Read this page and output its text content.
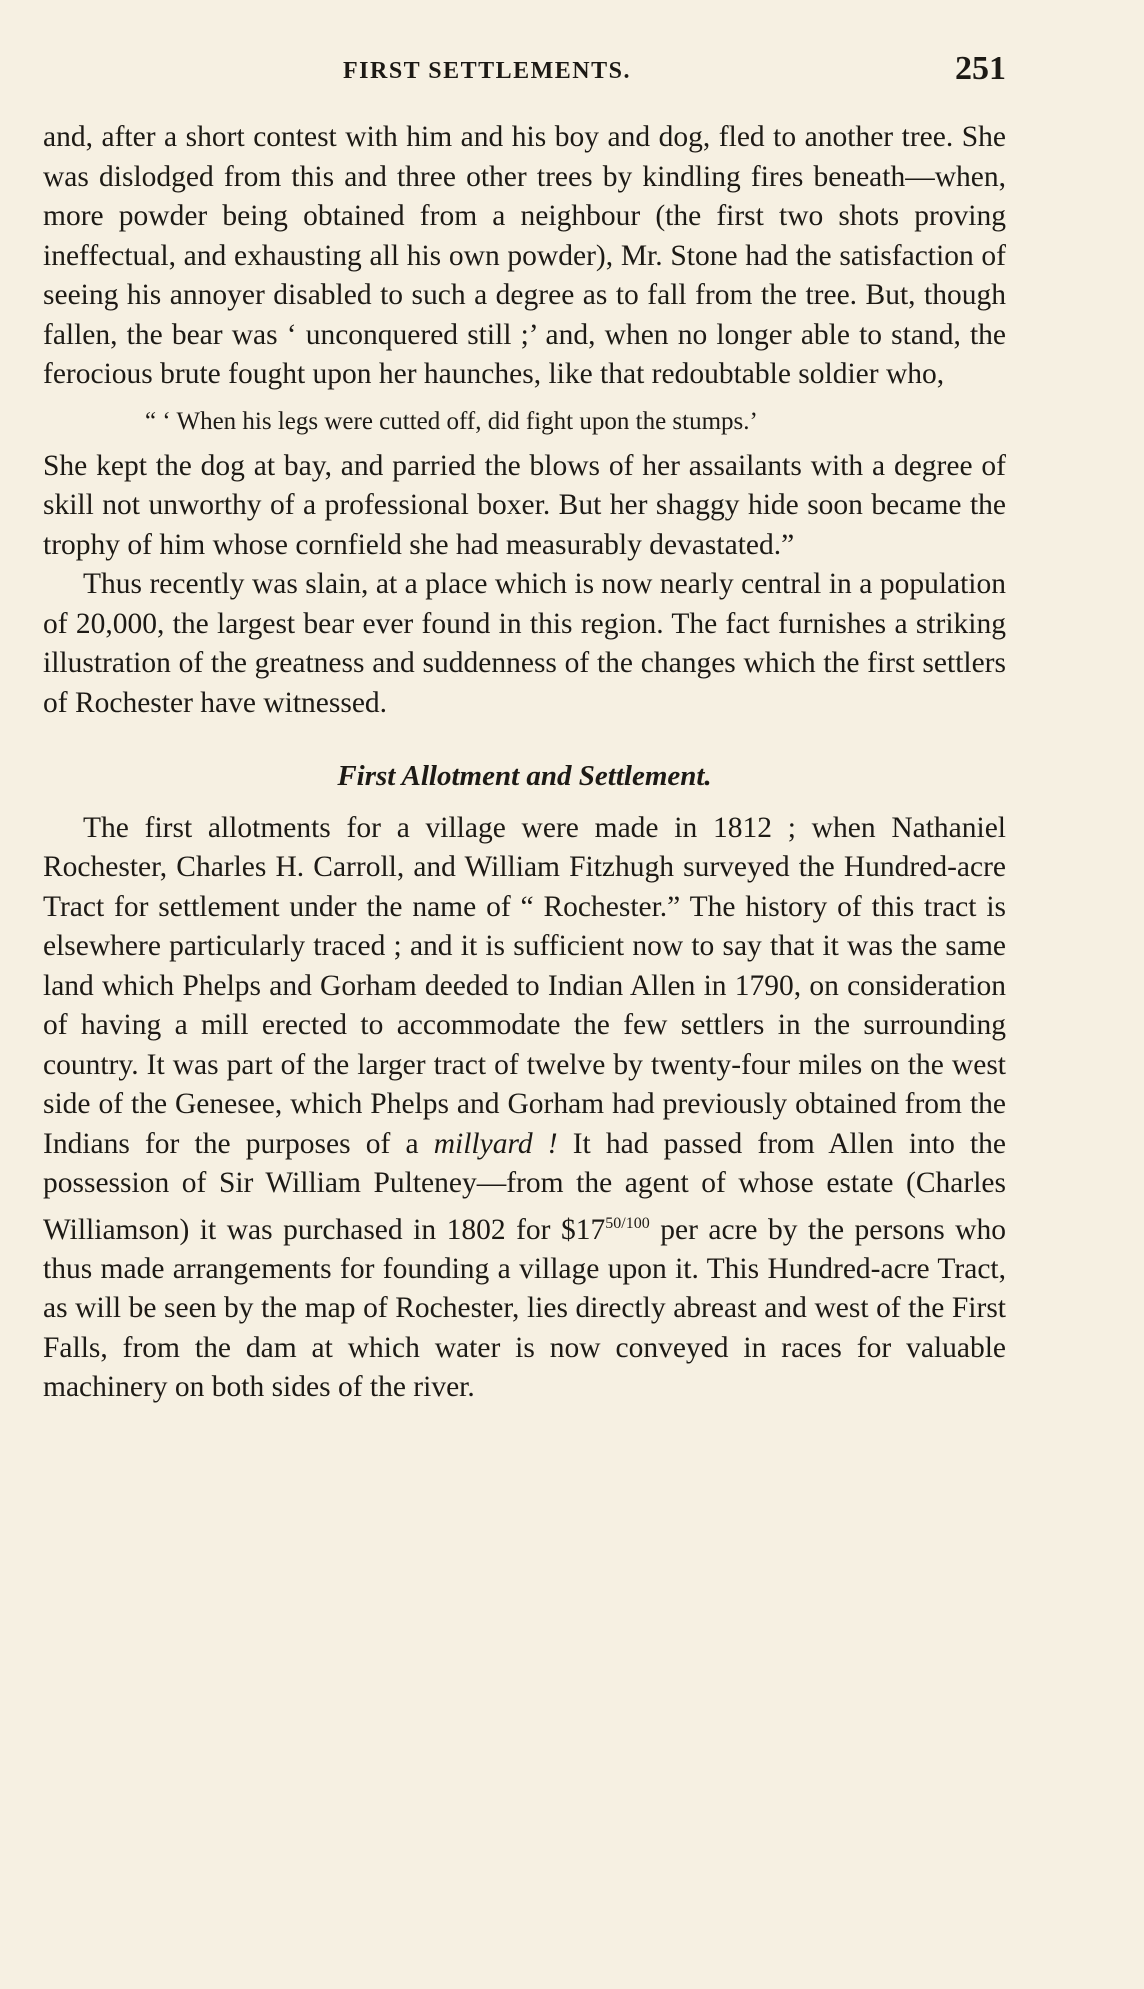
FIRST SETTLEMENTS.	251

and, after a short contest with him and his boy and dog, fled to another tree. She was dislodged from this and three other trees by kindling fires beneath—when, more powder being obtained from a neighbour (the first two shots proving ineffectual, and exhausting all his own powder), Mr. Stone had the satisfaction of seeing his annoyer disabled to such a degree as to fall from the tree. But, though fallen, the bear was ‘ unconquered still ;’ and, when no longer able to stand, the ferocious brute fought upon her haunches, like that redoubtable soldier who,

“ ‘ When his legs were cutted off, did fight upon the stumps.’

She kept the dog at bay, and parried the blows of her assailants with a degree of skill not unworthy of a professional boxer. But her shaggy hide soon became the trophy of him whose cornfield she had measurably devastated.”

Thus recently was slain, at a place which is now nearly central in a population of 20,000, the largest bear ever found in this region. The fact furnishes a striking illustration of the greatness and suddenness of the changes which the first settlers of Rochester have witnessed.

First Allotment and Settlement.

The first allotments for a village were made in 1812 ; when Nathaniel Rochester, Charles H. Carroll, and William Fitzhugh surveyed the Hundred-acre Tract for settlement under the name of “ Rochester.” The history of this tract is elsewhere particularly traced ; and it is sufficient now to say that it was the same land which Phelps and Gorham deeded to Indian Allen in 1790, on consideration of having a mill erected to accommodate the few settlers in the surrounding country. It was part of the larger tract of twelve by twenty-four miles on the west side of the Genesee, which Phelps and Gorham had previously obtained from the Indians for the purposes of a millyard ! It had passed from Allen into the possession of Sir William Pulteney—from the agent of whose estate (Charles Williamson) it was purchased in 1802 for $\$17^{50/100}$ per acre by the persons who thus made arrangements for founding a village upon it. This Hundred-acre Tract, as will be seen by the map of Rochester, lies directly abreast and west of the First Falls, from the dam at which water is now conveyed in races for valuable machinery on both sides of the river.
